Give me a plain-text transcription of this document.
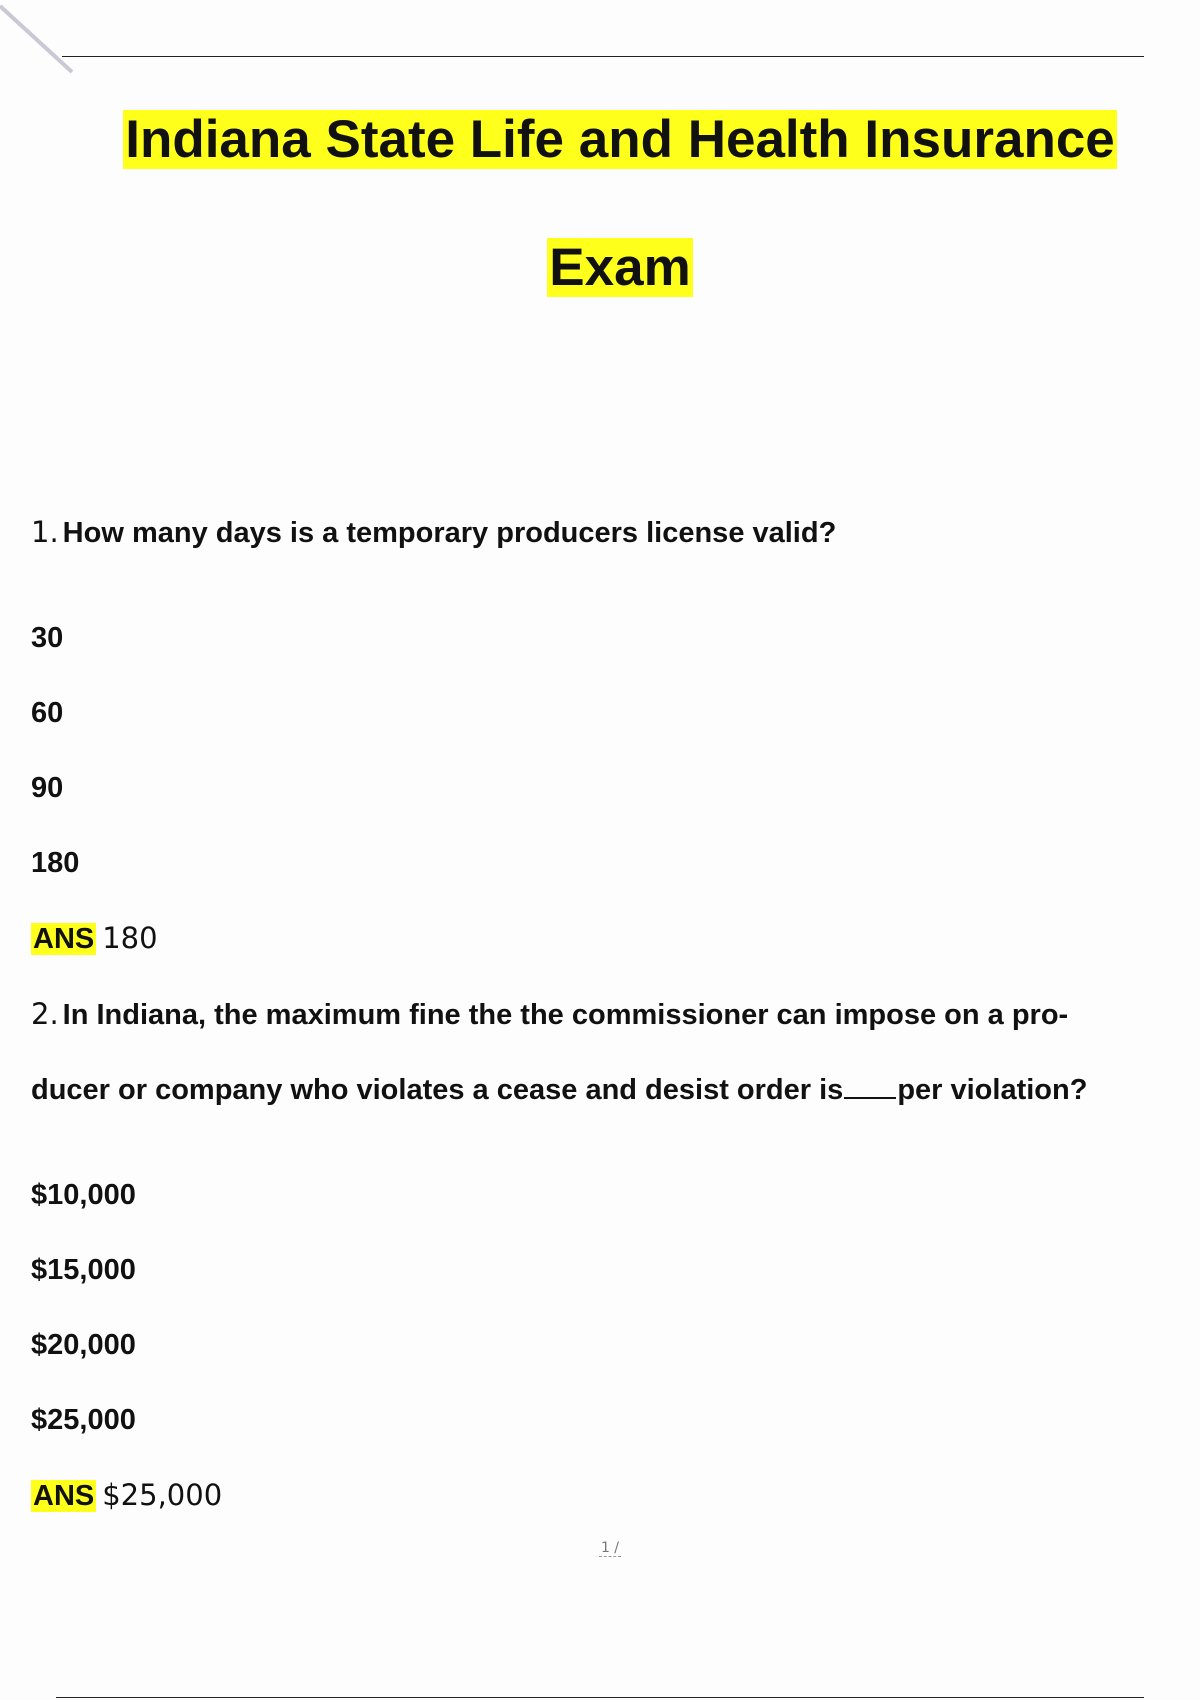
Indiana State Life and Health Insurance
Exam

1. How many days is a temporary producers license valid?

30

60

90

180

ANS 180

2. In Indiana, the maximum fine the the commissioner can impose on a pro-

ducer or company who violates a cease and desist order is per violation?

$10,000

$15,000

$20,000

$25,000

ANS $25,000

1 /
